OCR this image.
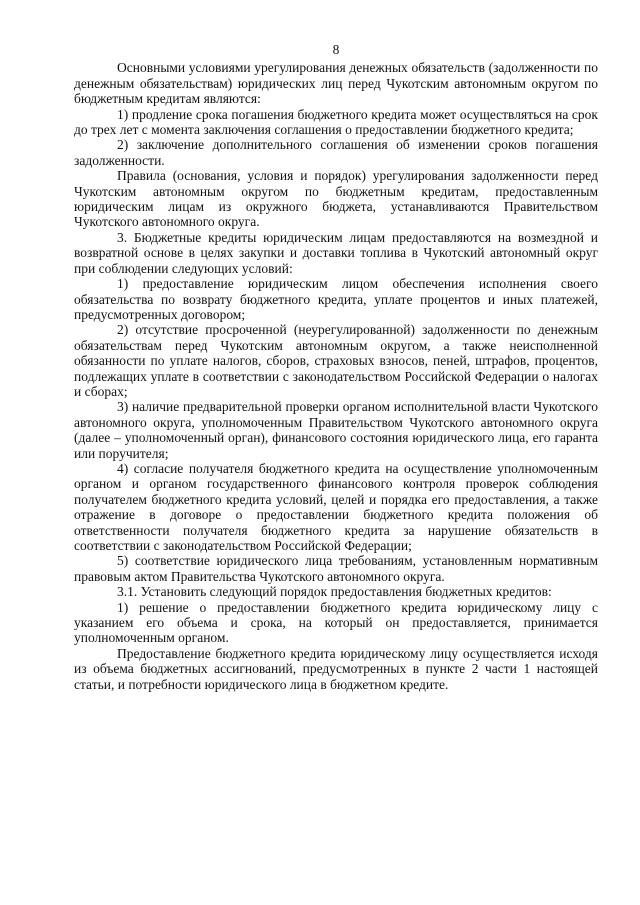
8

Основными условиями урегулирования денежных обязательств (задолженности по денежным обязательствам) юридических лиц перед Чукотским автономным округом по бюджетным кредитам являются:

1) продление срока погашения бюджетного кредита может осуществляться на срок до трех лет с момента заключения соглашения о предоставлении бюджетного кредита;

2) заключение дополнительного соглашения об изменении сроков погашения задолженности.

Правила (основания, условия и порядок) урегулирования задолженности перед Чукотским автономным округом по бюджетным кредитам, предоставленным юридическим лицам из окружного бюджета, устанавливаются Правительством Чукотского автономного округа.

3. Бюджетные кредиты юридическим лицам предоставляются на возмездной и возвратной основе в целях закупки и доставки топлива в Чукотский автономный округ при соблюдении следующих условий:

1) предоставление юридическим лицом обеспечения исполнения своего обязательства по возврату бюджетного кредита, уплате процентов и иных платежей, предусмотренных договором;

2) отсутствие просроченной (неурегулированной) задолженности по денежным обязательствам перед Чукотским автономным округом, а также неисполненной обязанности по уплате налогов, сборов, страховых взносов, пеней, штрафов, процентов, подлежащих уплате в соответствии с законодательством Российской Федерации о налогах и сборах;

3) наличие предварительной проверки органом исполнительной власти Чукотского автономного округа, уполномоченным Правительством Чукотского автономного округа (далее – уполномоченный орган), финансового состояния юридического лица, его гаранта или поручителя;

4) согласие получателя бюджетного кредита на осуществление уполномоченным органом и органом государственного финансового контроля проверок соблюдения получателем бюджетного кредита условий, целей и порядка его предоставления, а также отражение в договоре о предоставлении бюджетного кредита положения об ответственности получателя бюджетного кредита за нарушение обязательств в соответствии с законодательством Российской Федерации;

5) соответствие юридического лица требованиям, установленным нормативным правовым актом Правительства Чукотского автономного округа.

3.1. Установить следующий порядок предоставления бюджетных кредитов:

1) решение о предоставлении бюджетного кредита юридическому лицу с указанием его объема и срока, на который он предоставляется, принимается уполномоченным органом.

Предоставление бюджетного кредита юридическому лицу осуществляется исходя из объема бюджетных ассигнований, предусмотренных в пункте 2 части 1 настоящей статьи, и потребности юридического лица в бюджетном кредите.
